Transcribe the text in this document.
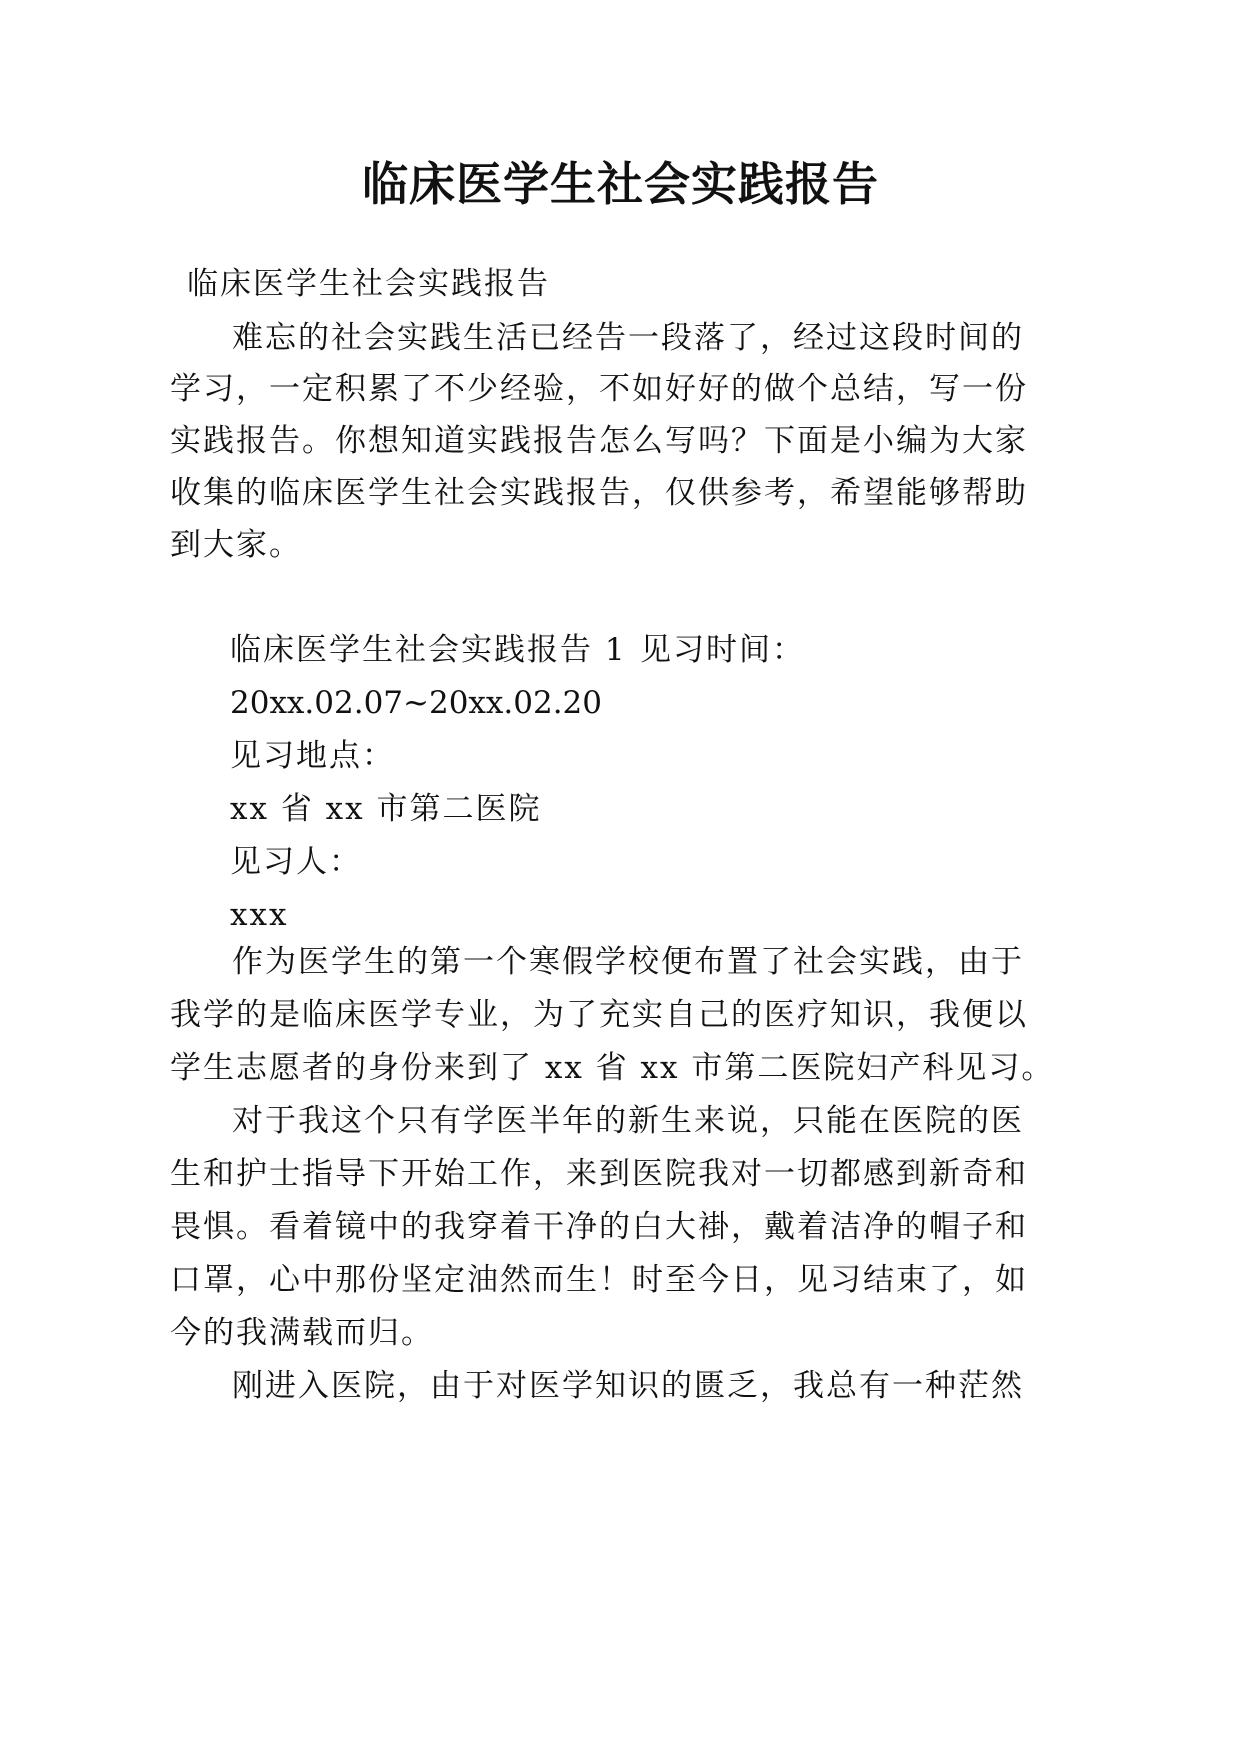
临床医学生社会实践报告
临床医学生社会实践报告
难忘的社会实践生活已经告一段落了，经过这段时间的
学习，一定积累了不少经验，不如好好的做个总结，写一份
实践报告。你想知道实践报告怎么写吗？下面是小编为大家
收集的临床医学生社会实践报告，仅供参考，希望能够帮助
到大家。
临床医学生社会实践报告 1 见习时间：
20xx.02.07~20xx.02.20
见习地点：
xx 省 xx 市第二医院
见习人：
xxx
作为医学生的第一个寒假学校便布置了社会实践，由于
我学的是临床医学专业，为了充实自己的医疗知识，我便以
学生志愿者的身份来到了 xx 省 xx 市第二医院妇产科见习。
对于我这个只有学医半年的新生来说，只能在医院的医
生和护士指导下开始工作，来到医院我对一切都感到新奇和
畏惧。看着镜中的我穿着干净的白大褂，戴着洁净的帽子和
口罩，心中那份坚定油然而生！时至今日，见习结束了，如
今的我满载而归。
刚进入医院，由于对医学知识的匮乏，我总有一种茫然
